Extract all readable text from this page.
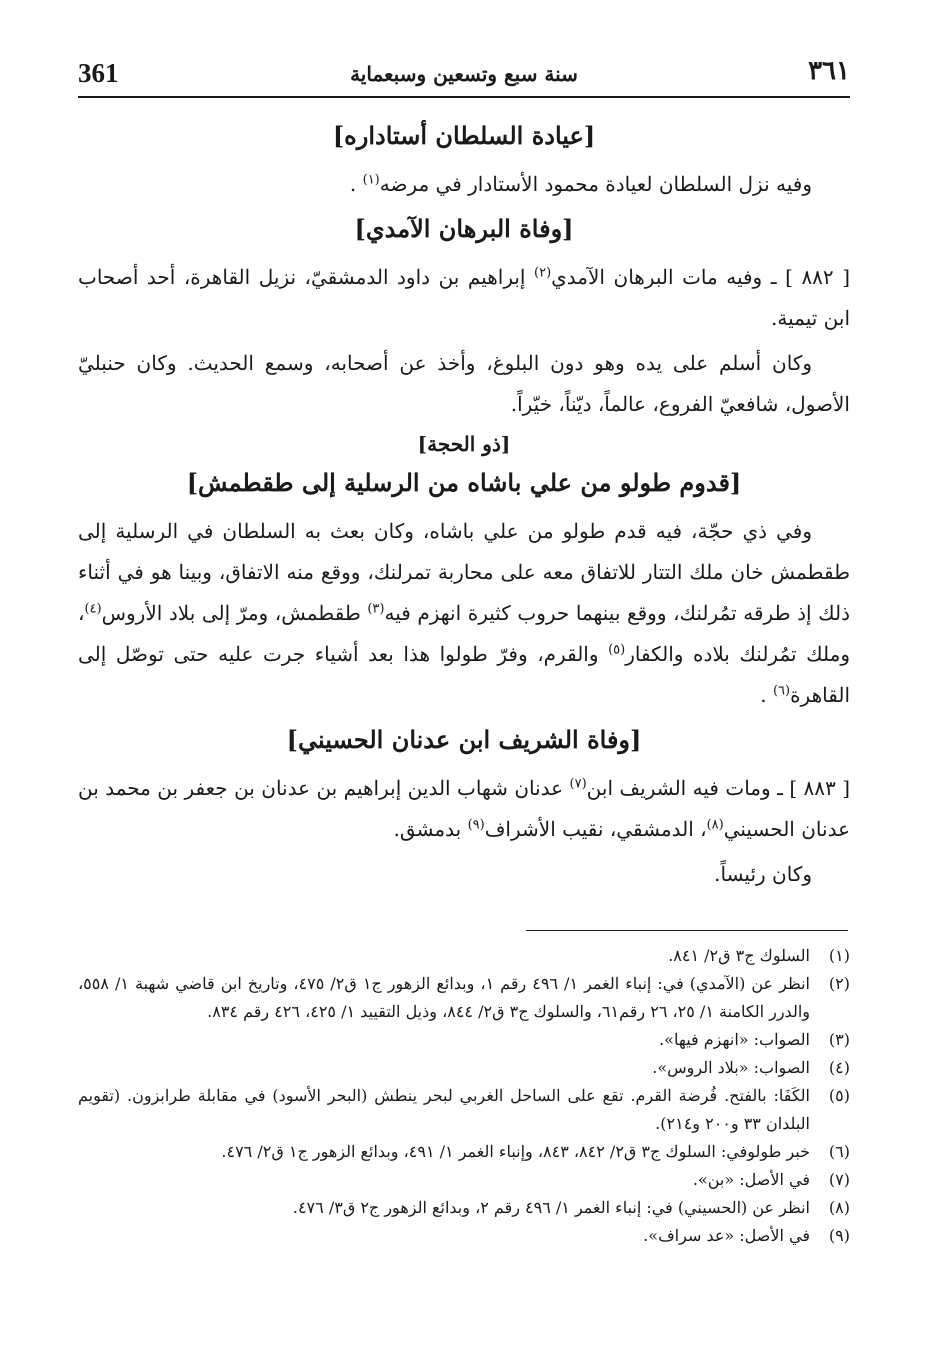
361	سنة سبع وتسعين وسبعماية	٣٦١
[عيادة السلطان أستاداره]

وفيه نزل السلطان لعيادة محمود الأستادار في مرضه$^{(١)}$ .

[وفاة البرهان الآمدي]

[ ٨٨٢ ] ـ وفيه مات البرهان الآمدي$^{(٢)}$ إبراهيم بن داود الدمشقيّ، نزيل القاهرة، أحد أصحاب ابن تيمية.

وكان أسلم على يده وهو دون البلوغ، وأخذ عن أصحابه، وسمع الحديث. وكان حنبليّ الأصول، شافعيّ الفروع، عالماً، ديّناً، خيّراً.

[ذو الحجة]
[قدوم طولو من علي باشاه من الرسلية إلى طقطمش]

وفي ذي حجّة، فيه قدم طولو من علي باشاه، وكان بعث به السلطان في الرسلية إلى طقطمش خان ملك التتار للاتفاق معه على محاربة تمرلنك، ووقع منه الاتفاق، وبينا هو في أثناء ذلك إذ طرقه تمُرلنك، ووقع بينهما حروب كثيرة انهزم فيه$^{(٣)}$ طقطمش، ومرّ إلى بلاد الأروس$^{(٤)}$، وملك تمُرلنك بلاده والكفار$^{(٥)}$ والقرم، وفرّ طولوا هذا بعد أشياء جرت عليه حتى توصّل إلى القاهرة$^{(٦)}$ .

[وفاة الشريف ابن عدنان الحسيني]

[ ٨٨٣ ] ـ ومات فيه الشريف ابن$^{(٧)}$ عدنان شهاب الدين إبراهيم بن عدنان بن جعفر بن محمد بن عدنان الحسيني$^{(٨)}$، الدمشقي، نقيب الأشراف$^{(٩)}$ بدمشق.

وكان رئيساً.

(١)
السلوك ج٣ ق٢/ ٨٤١.
(٢)
انظر عن (الآمدي) في: إنباء الغمر ١/ ٤٩٦ رقم ١، وبدائع الزهور ج١ ق٢/ ٤٧٥، وتاريخ ابن قاضي شهبة ١/ ٥٥٨، والدرر الكامنة ١/ ٢٥، ٢٦ رقم٦١، والسلوك ج٣ ق٢/ ٨٤٤، وذيل التقييد ١/ ٤٢٥، ٤٢٦ رقم ٨٣٤.
(٣)
الصواب: «انهزم فيها».
(٤)
الصواب: «بلاد الروس».
(٥)
الكَفَا: بالفتح. فُرضة القرم. تقع على الساحل الغربي لبحر ينطش (البحر الأسود) في مقابلة طرابزون. (تقويم البلدان ٣٣ و٢٠٠ و٢١٤).
(٦)
خبر طولوفي: السلوك ج٣ ق٢/ ٨٤٢، ٨٤٣، وإنباء الغمر ١/ ٤٩١، وبدائع الزهور ج١ ق٢/ ٤٧٦.
(٧)
في الأصل: «بن».
(٨)
انظر عن (الحسيني) في: إنباء الغمر ١/ ٤٩٦ رقم ٢، وبدائع الزهور ج٢ ق٣/ ٤٧٦.
(٩)
في الأصل: «عد سراف».
